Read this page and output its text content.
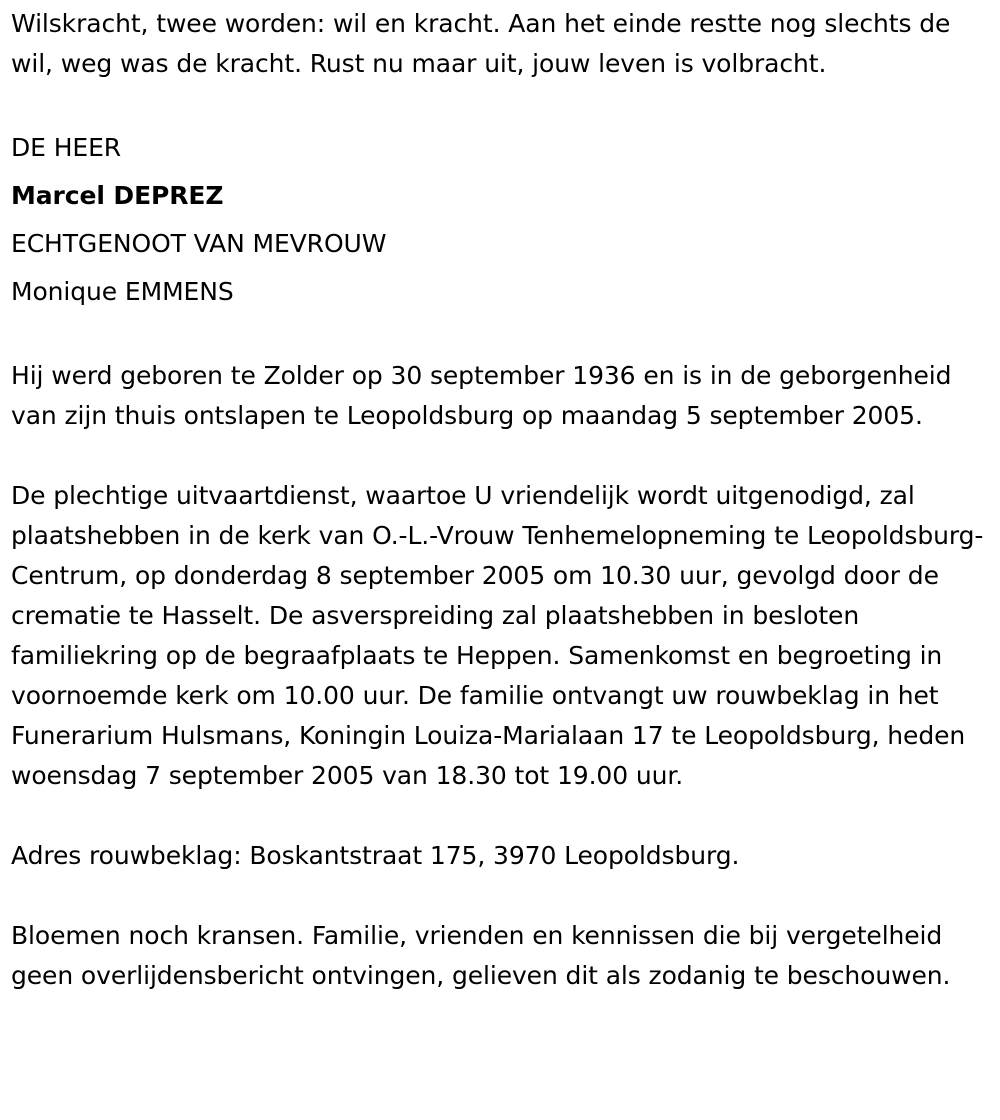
Wilskracht, twee worden: wil en kracht. Aan het einde restte nog slechts de wil, weg was de kracht. Rust nu maar uit, jouw leven is volbracht.

DE HEER

Marcel DEPREZ

ECHTGENOOT VAN MEVROUW

Monique EMMENS

Hij werd geboren te Zolder op 30 september 1936 en is in de geborgenheid van zijn thuis ontslapen te Leopoldsburg op maandag 5 september 2005.

De plechtige uitvaartdienst, waartoe U vriendelijk wordt uitgenodigd, zal plaatshebben in de kerk van O.-L.-Vrouw Tenhemelopneming te Leopoldsburg-Centrum, op donderdag 8 september 2005 om 10.30 uur, gevolgd door de crematie te Hasselt. De asverspreiding zal plaatshebben in besloten familiekring op de begraafplaats te Heppen. Samenkomst en begroeting in voornoemde kerk om 10.00 uur. De familie ontvangt uw rouwbeklag in het Funerarium Hulsmans, Koningin Louiza-Marialaan 17 te Leopoldsburg, heden woensdag 7 september 2005 van 18.30 tot 19.00 uur.

Adres rouwbeklag: Boskantstraat 175, 3970 Leopoldsburg.

Bloemen noch kransen. Familie, vrienden en kennissen die bij vergetelheid geen overlijdensbericht ontvingen, gelieven dit als zodanig te beschouwen.
